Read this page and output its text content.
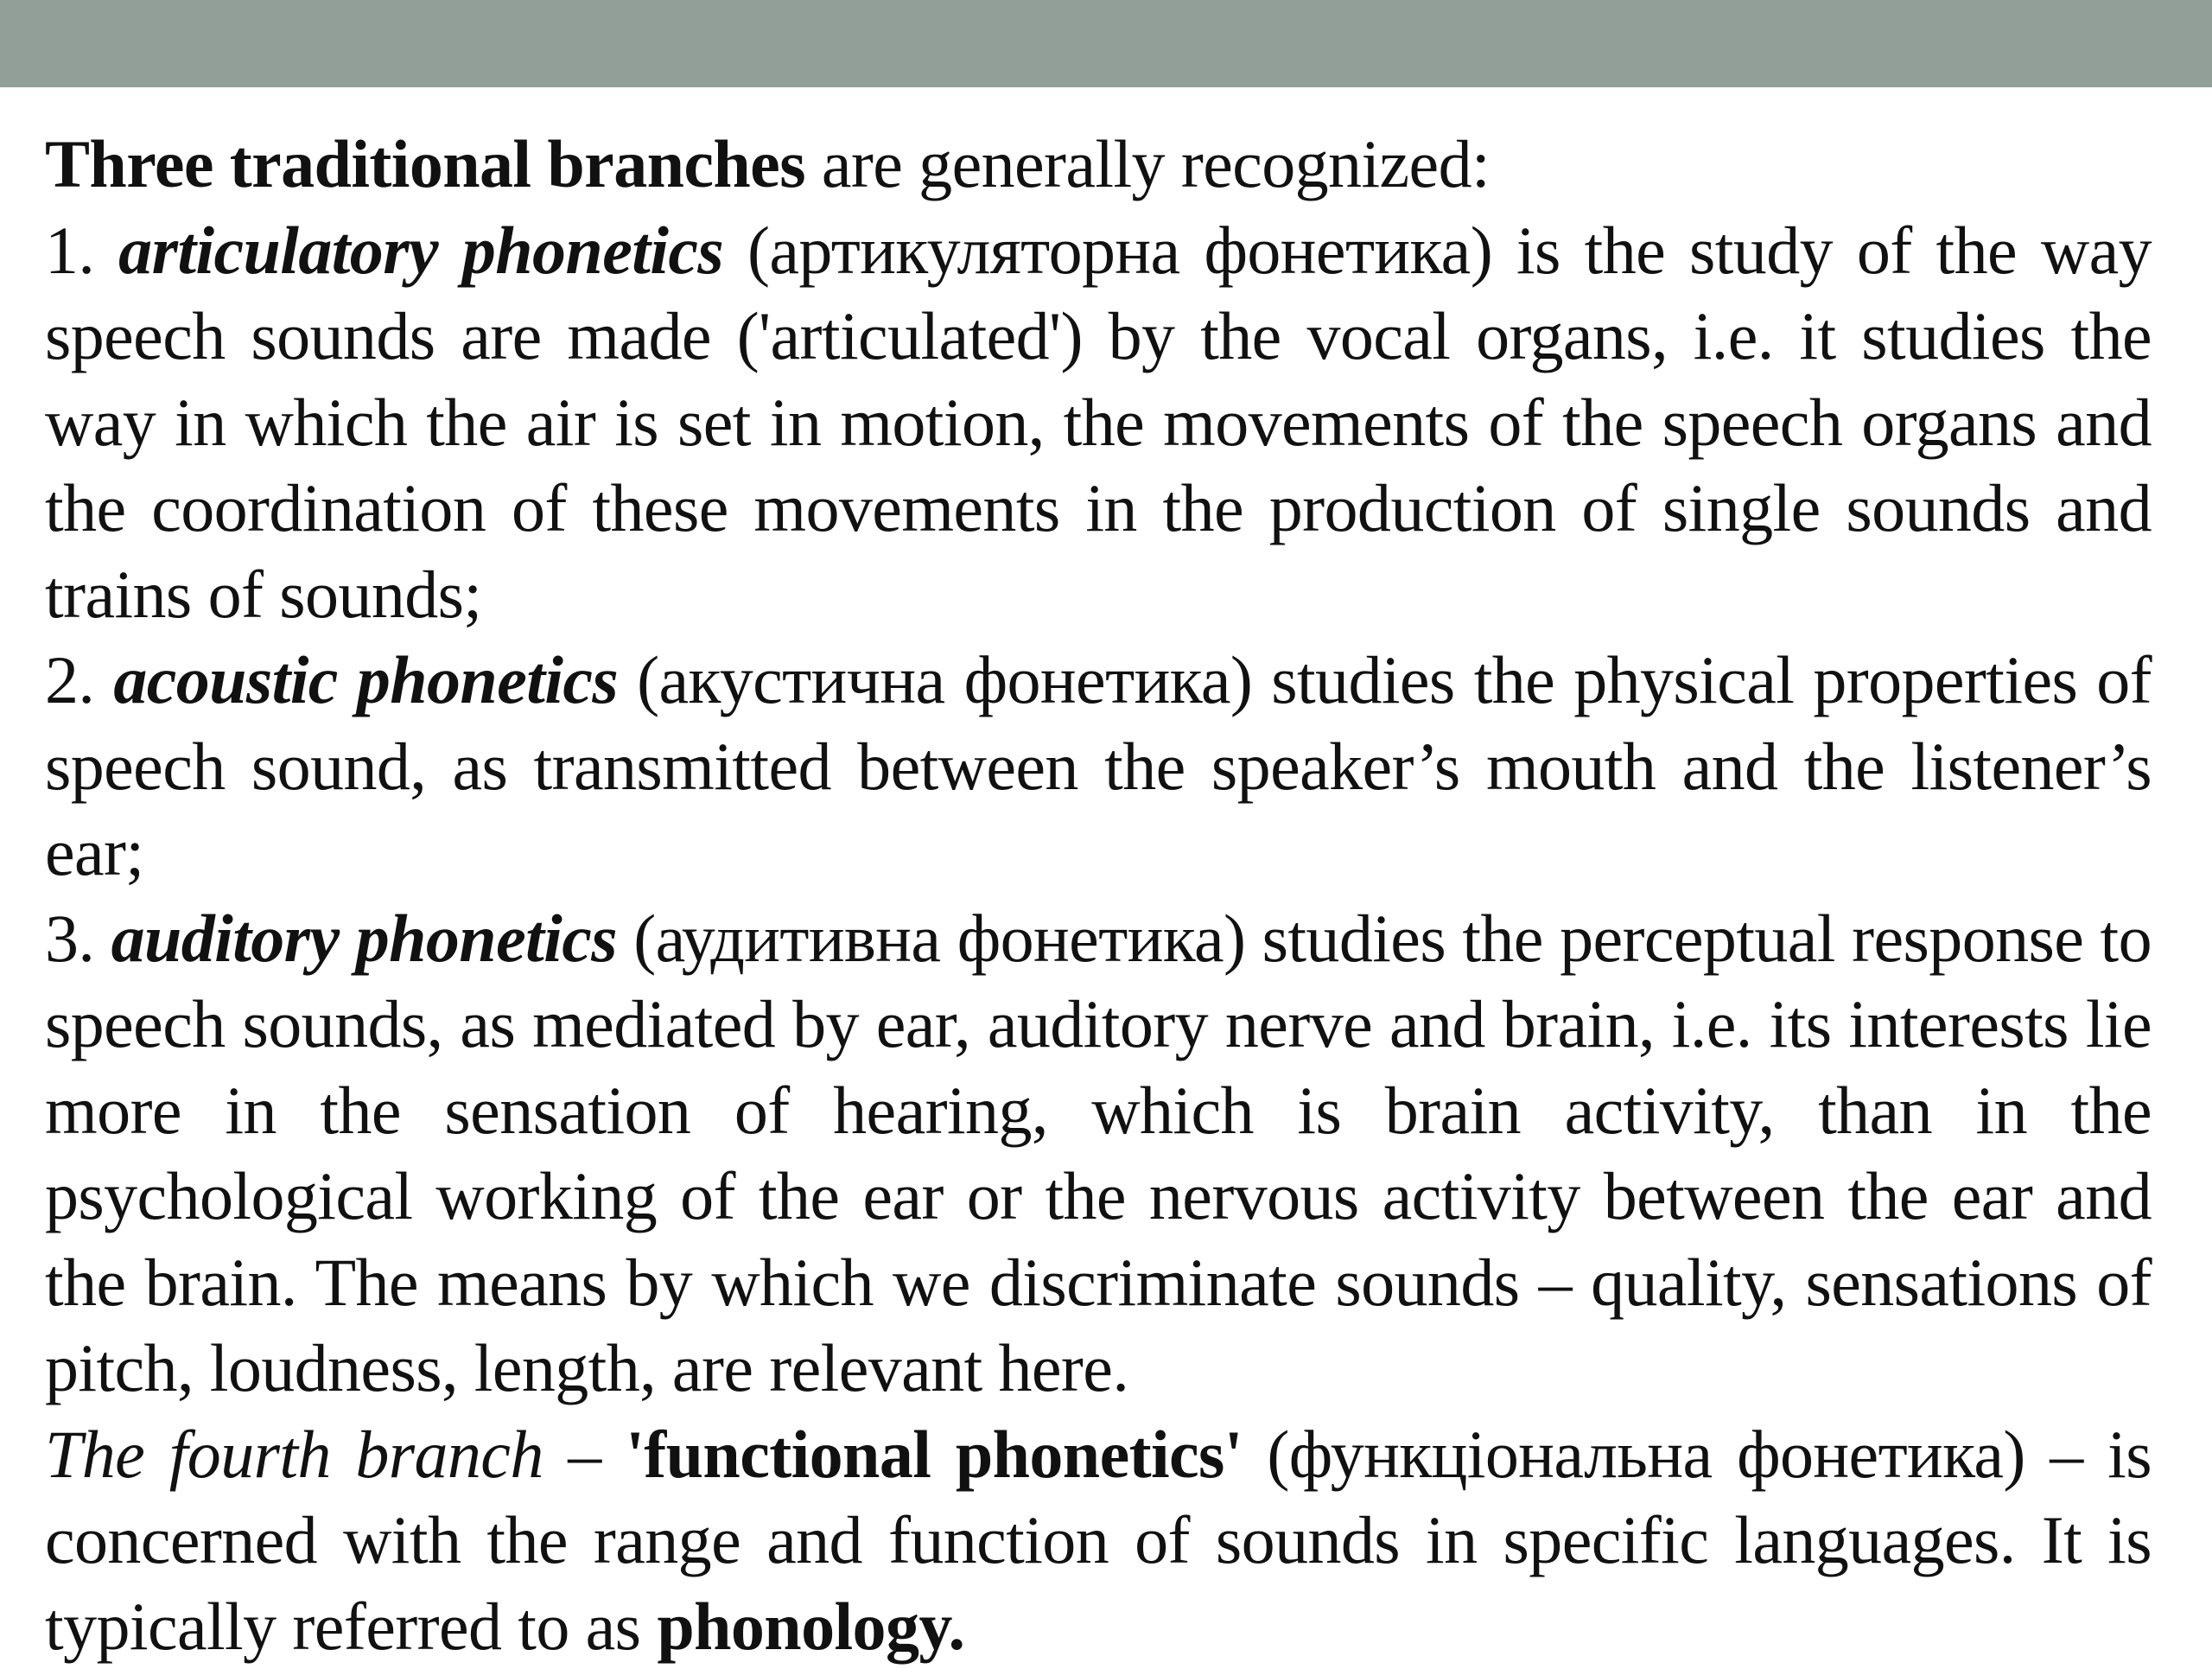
Three traditional branches are generally recognized:

1. articulatory phonetics (артикуляторна фонетика) is the study of the way speech sounds are made ('articulated') by the vocal organs, i.e. it studies the way in which the air is set in motion, the movements of the speech organs and the coordination of these movements in the production of single sounds and trains of sounds;

2. acoustic phonetics (акустична фонетика) studies the physical properties of speech sound, as transmitted between the speaker’s mouth and the listener’s ear;

3. auditory phonetics (аудитивна фонетика) studies the perceptual response to speech sounds, as mediated by ear, auditory nerve and brain, i.e. its interests lie more in the sensation of hearing, which is brain activity, than in the psychological working of the ear or the nervous activity between the ear and the brain. The means by which we discriminate sounds – quality, sensations of pitch, loudness, length, are relevant here.

The fourth branch – 'functional phonetics' (функціональна фонетика) – is concerned with the range and function of sounds in specific languages. It is typically referred to as phonology.
